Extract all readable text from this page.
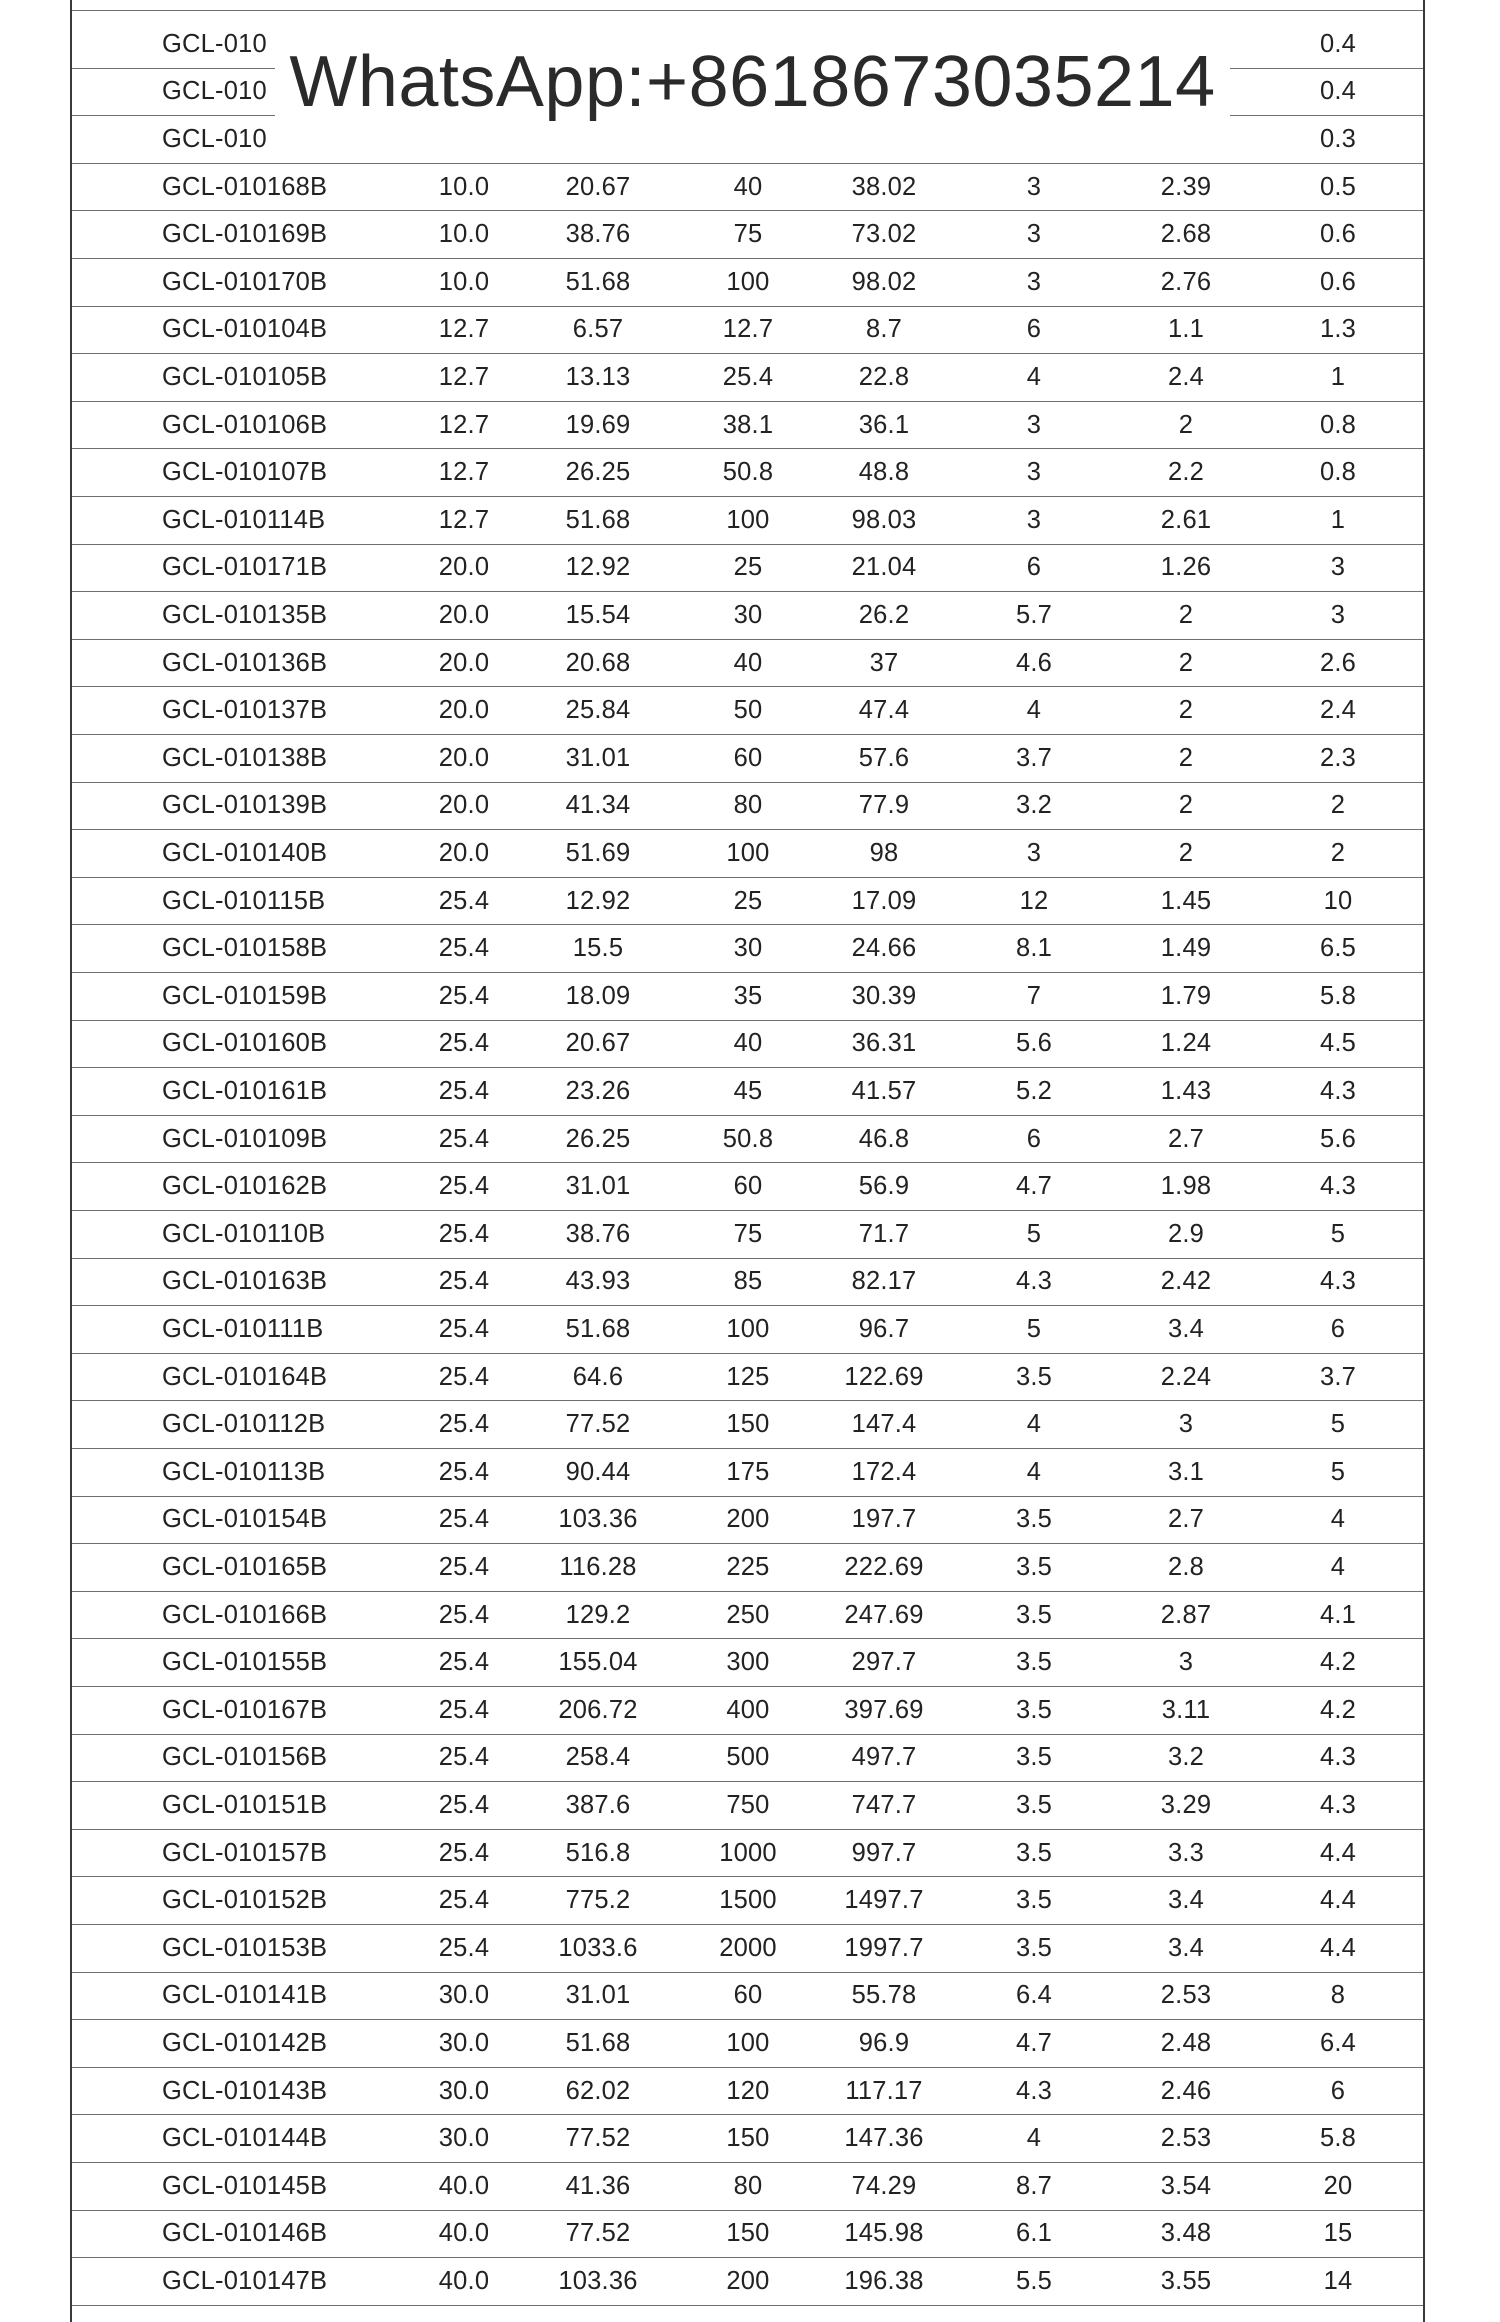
GCL-010	0.4
GCL-010	0.4
GCL-010	0.3
GCL-010168B	10.0	20.67	40	38.02	3	2.39	0.5
GCL-010169B	10.0	38.76	75	73.02	3	2.68	0.6
GCL-010170B	10.0	51.68	100	98.02	3	2.76	0.6
GCL-010104B	12.7	6.57	12.7	8.7	6	1.1	1.3
GCL-010105B	12.7	13.13	25.4	22.8	4	2.4	1
GCL-010106B	12.7	19.69	38.1	36.1	3	2	0.8
GCL-010107B	12.7	26.25	50.8	48.8	3	2.2	0.8
GCL-010114B	12.7	51.68	100	98.03	3	2.61	1
GCL-010171B	20.0	12.92	25	21.04	6	1.26	3
GCL-010135B	20.0	15.54	30	26.2	5.7	2	3
GCL-010136B	20.0	20.68	40	37	4.6	2	2.6
GCL-010137B	20.0	25.84	50	47.4	4	2	2.4
GCL-010138B	20.0	31.01	60	57.6	3.7	2	2.3
GCL-010139B	20.0	41.34	80	77.9	3.2	2	2
GCL-010140B	20.0	51.69	100	98	3	2	2
GCL-010115B	25.4	12.92	25	17.09	12	1.45	10
GCL-010158B	25.4	15.5	30	24.66	8.1	1.49	6.5
GCL-010159B	25.4	18.09	35	30.39	7	1.79	5.8
GCL-010160B	25.4	20.67	40	36.31	5.6	1.24	4.5
GCL-010161B	25.4	23.26	45	41.57	5.2	1.43	4.3
GCL-010109B	25.4	26.25	50.8	46.8	6	2.7	5.6
GCL-010162B	25.4	31.01	60	56.9	4.7	1.98	4.3
GCL-010110B	25.4	38.76	75	71.7	5	2.9	5
GCL-010163B	25.4	43.93	85	82.17	4.3	2.42	4.3
GCL-010111B	25.4	51.68	100	96.7	5	3.4	6
GCL-010164B	25.4	64.6	125	122.69	3.5	2.24	3.7
GCL-010112B	25.4	77.52	150	147.4	4	3	5
GCL-010113B	25.4	90.44	175	172.4	4	3.1	5
GCL-010154B	25.4	103.36	200	197.7	3.5	2.7	4
GCL-010165B	25.4	116.28	225	222.69	3.5	2.8	4
GCL-010166B	25.4	129.2	250	247.69	3.5	2.87	4.1
GCL-010155B	25.4	155.04	300	297.7	3.5	3	4.2
GCL-010167B	25.4	206.72	400	397.69	3.5	3.11	4.2
GCL-010156B	25.4	258.4	500	497.7	3.5	3.2	4.3
GCL-010151B	25.4	387.6	750	747.7	3.5	3.29	4.3
GCL-010157B	25.4	516.8	1000	997.7	3.5	3.3	4.4
GCL-010152B	25.4	775.2	1500	1497.7	3.5	3.4	4.4
GCL-010153B	25.4	1033.6	2000	1997.7	3.5	3.4	4.4
GCL-010141B	30.0	31.01	60	55.78	6.4	2.53	8
GCL-010142B	30.0	51.68	100	96.9	4.7	2.48	6.4
GCL-010143B	30.0	62.02	120	117.17	4.3	2.46	6
GCL-010144B	30.0	77.52	150	147.36	4	2.53	5.8
GCL-010145B	40.0	41.36	80	74.29	8.7	3.54	20
GCL-010146B	40.0	77.52	150	145.98	6.1	3.48	15
GCL-010147B	40.0	103.36	200	196.38	5.5	3.55	14
WhatsApp:+8618673035214
